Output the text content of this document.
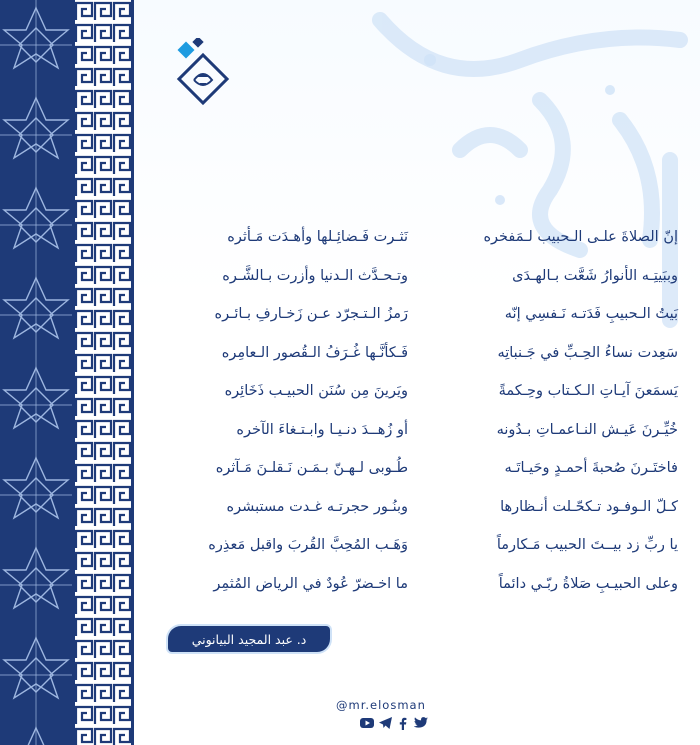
إنّ الصلاةَ علـى الـحبيب لـمَفخره
نَثـرت فَـضائِـلها وأهـدَت مَـأثره
وببَيتِـه الأنوارُ شَعَّت بـالهـدَى
وتـحـدَّث الـدنيا وأزرت بـالشَّـره
بَيتُ الـحبيبِ فَدَتـه نَـفسِي إنّه
رَمزُ الـتـجرّد عـن زَخـارفِ بـائـره
سَعِدت نساءُ الحِـبِّ في جَـنباتِه
فَـكأنَّـها غُـرَفُ الـقُصور الـعامِره
يَسمَعنَ آيـاتِ الـكـتاب وحِـكمةً
ويَرينَ مِن سُنَن الحبيـب ذَخَائِره
خُيِّـرنَ عَيـش النـاعمـاتِ بـدُونه
أو زُهــدَ دنـيـا وابـتـغاءَ الآخره
فاختَـرنَ صُحبةَ أحمـدٍ وحَيـاتَـه
طُـوبى لـهـنّ بـمَـن نَـقلـنَ مَـآثره
كـلّ الـوفـود تـكحّـلت أنـظارها
وبنُـور حجرتـه غـدت مستبشره
يا ربِّ زد بيــتَ الحبيب مَـكارماً
وَهَـب المُحِبَّ القُربَ واقبل مَعذِره
وعلى الحبيـبِ صَلاةُ ربّـي دائماً
ما اخـضرّ عُودٌ في الرياض المُثمِر
د. عبد المجيد البيانوني
@mr.elosman
